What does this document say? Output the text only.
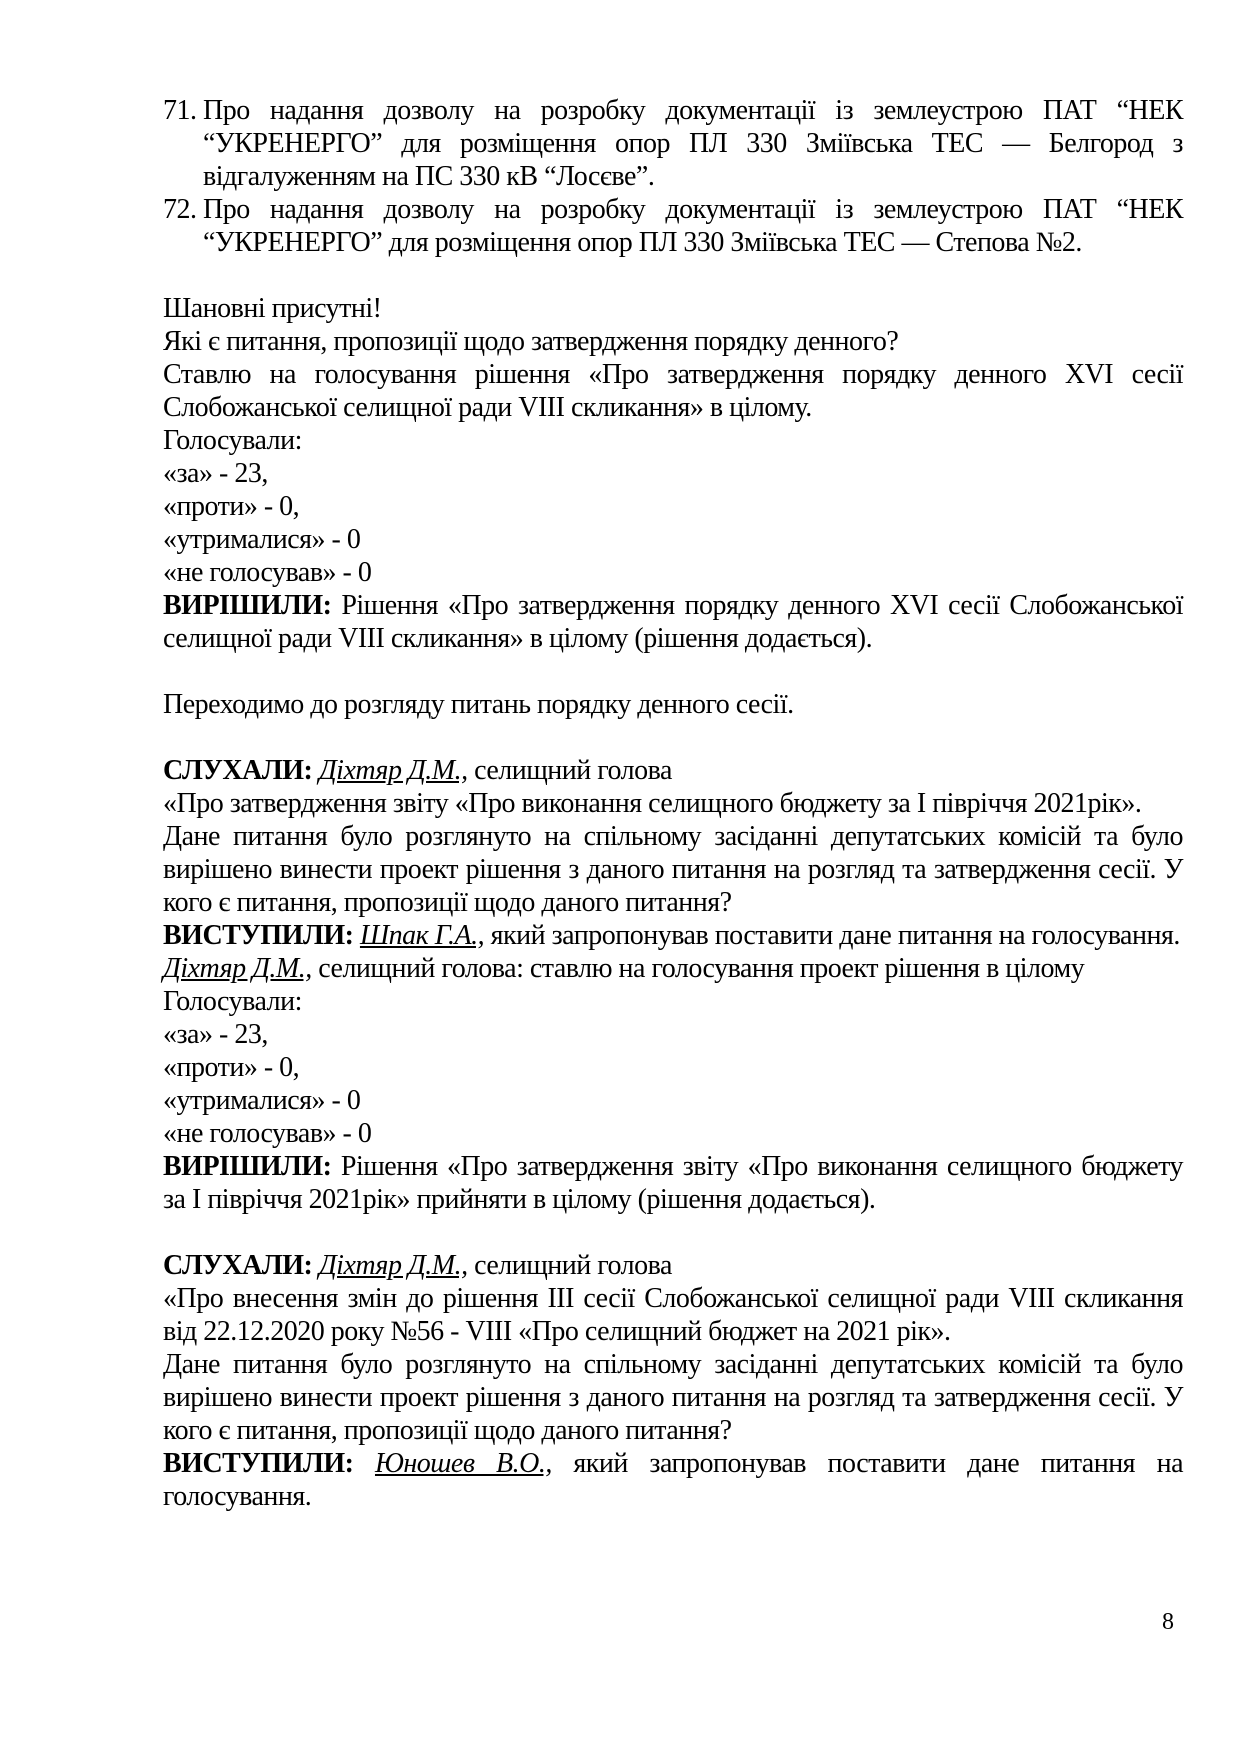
71. Про надання дозволу на розробку документації із землеустрою ПАТ “НЕК “УКРЕНЕРГО” для розміщення опор ПЛ 330 Зміївська ТЕС — Белгород з відгалуженням на ПС 330 кВ “Лосєве”.
72. Про надання дозволу на розробку документації із землеустрою ПАТ “НЕК “УКРЕНЕРГО” для розміщення опор ПЛ 330 Зміївська ТЕС — Степова №2.

Шановні присутні!

Які є питання, пропозиції щодо затвердження порядку денного?

Ставлю на голосування рішення «Про затвердження порядку денного XVI сесії Слобожанської селищної ради VIII скликання» в цілому.

Голосували:

«за» - 23,

«проти» - 0,

«утрималися» - 0

«не голосував» - 0

ВИРІШИЛИ: Рішення «Про затвердження порядку денного XVI сесії Слобожанської селищної ради VIII скликання» в цілому (рішення додається).

Переходимо до розгляду питань порядку денного сесії.

СЛУХАЛИ: Діхтяр Д.М., селищний голова

«Про затвердження звіту «Про виконання селищного бюджету за І півріччя 2021рік».

Дане питання було розглянуто на спільному засіданні депутатських комісій та було вирішено винести проект рішення з даного питання на розгляд та затвердження сесії. У кого є питання, пропозиції щодо даного питання?

ВИСТУПИЛИ: Шпак Г.А., який запропонував поставити дане питання на голосування.

Діхтяр Д.М., селищний голова: ставлю на голосування проект рішення в цілому

Голосували:

«за» - 23,

«проти» - 0,

«утрималися» - 0

«не голосував» - 0

ВИРІШИЛИ: Рішення «Про затвердження звіту «Про виконання селищного бюджету за І півріччя 2021рік» прийняти в цілому (рішення додається).

СЛУХАЛИ: Діхтяр Д.М., селищний голова

«Про внесення змін до рішення ІІІ сесії Слобожанської селищної ради VIII скликання від 22.12.2020 року №56 - VIII «Про селищний бюджет на 2021 рік».

Дане питання було розглянуто на спільному засіданні депутатських комісій та було вирішено винести проект рішення з даного питання на розгляд та затвердження сесії. У кого є питання, пропозиції щодо даного питання?

ВИСТУПИЛИ: Юношев В.О., який запропонував поставити дане питання на голосування.

8
